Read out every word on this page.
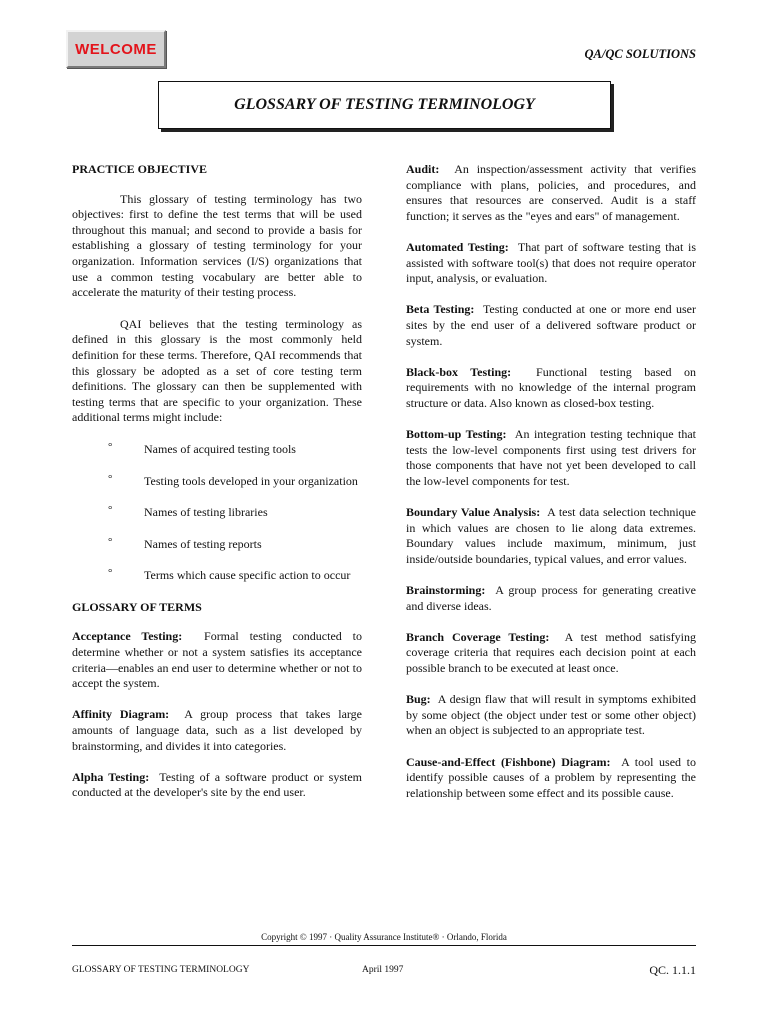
WELCOME	QA/QC SOLUTIONS
GLOSSARY OF TESTING TERMINOLOGY

PRACTICE OBJECTIVE

This glossary of testing terminology has two objectives: first to define the test terms that will be used throughout this manual; and second to provide a basis for establishing a glossary of testing terminology for your organization. Information services (I/S) organizations that use a common testing vocabulary are better able to accelerate the maturity of their testing process.

QAI believes that the testing terminology as defined in this glossary is the most commonly held definition for these terms. Therefore, QAI recommends that this glossary be adopted as a set of core testing term definitions. The glossary can then be supplemented with testing terms that are specific to your organization. These additional terms might include:

°	Names of acquired testing tools
°	Testing tools developed in your organization
°	Names of testing libraries
°	Names of testing reports
°	Terms which cause specific action to occur

GLOSSARY OF TERMS

Acceptance Testing: Formal testing conducted to determine whether or not a system satisfies its acceptance criteria—enables an end user to determine whether or not to accept the system.

Affinity Diagram: A group process that takes large amounts of language data, such as a list developed by brainstorming, and divides it into categories.

Alpha Testing: Testing of a software product or system conducted at the developer's site by the end user.

Audit: An inspection/assessment activity that verifies compliance with plans, policies, and procedures, and ensures that resources are conserved. Audit is a staff function; it serves as the "eyes and ears" of management.

Automated Testing: That part of software testing that is assisted with software tool(s) that does not require operator input, analysis, or evaluation.

Beta Testing: Testing conducted at one or more end user sites by the end user of a delivered software product or system.

Black-box Testing: Functional testing based on requirements with no knowledge of the internal program structure or data. Also known as closed-box testing.

Bottom-up Testing: An integration testing technique that tests the low-level components first using test drivers for those components that have not yet been developed to call the low-level components for test.

Boundary Value Analysis: A test data selection technique in which values are chosen to lie along data extremes. Boundary values include maximum, minimum, just inside/outside boundaries, typical values, and error values.

Brainstorming: A group process for generating creative and diverse ideas.

Branch Coverage Testing: A test method satisfying coverage criteria that requires each decision point at each possible branch to be executed at least once.

Bug: A design flaw that will result in symptoms exhibited by some object (the object under test or some other object) when an object is subjected to an appropriate test.

Cause-and-Effect (Fishbone) Diagram: A tool used to identify possible causes of a problem by representing the relationship between some effect and its possible cause.

Copyright © 1997 · Quality Assurance Institute® · Orlando, Florida
GLOSSARY OF TESTING TERMINOLOGY	April 1997	QC. 1.1.1
